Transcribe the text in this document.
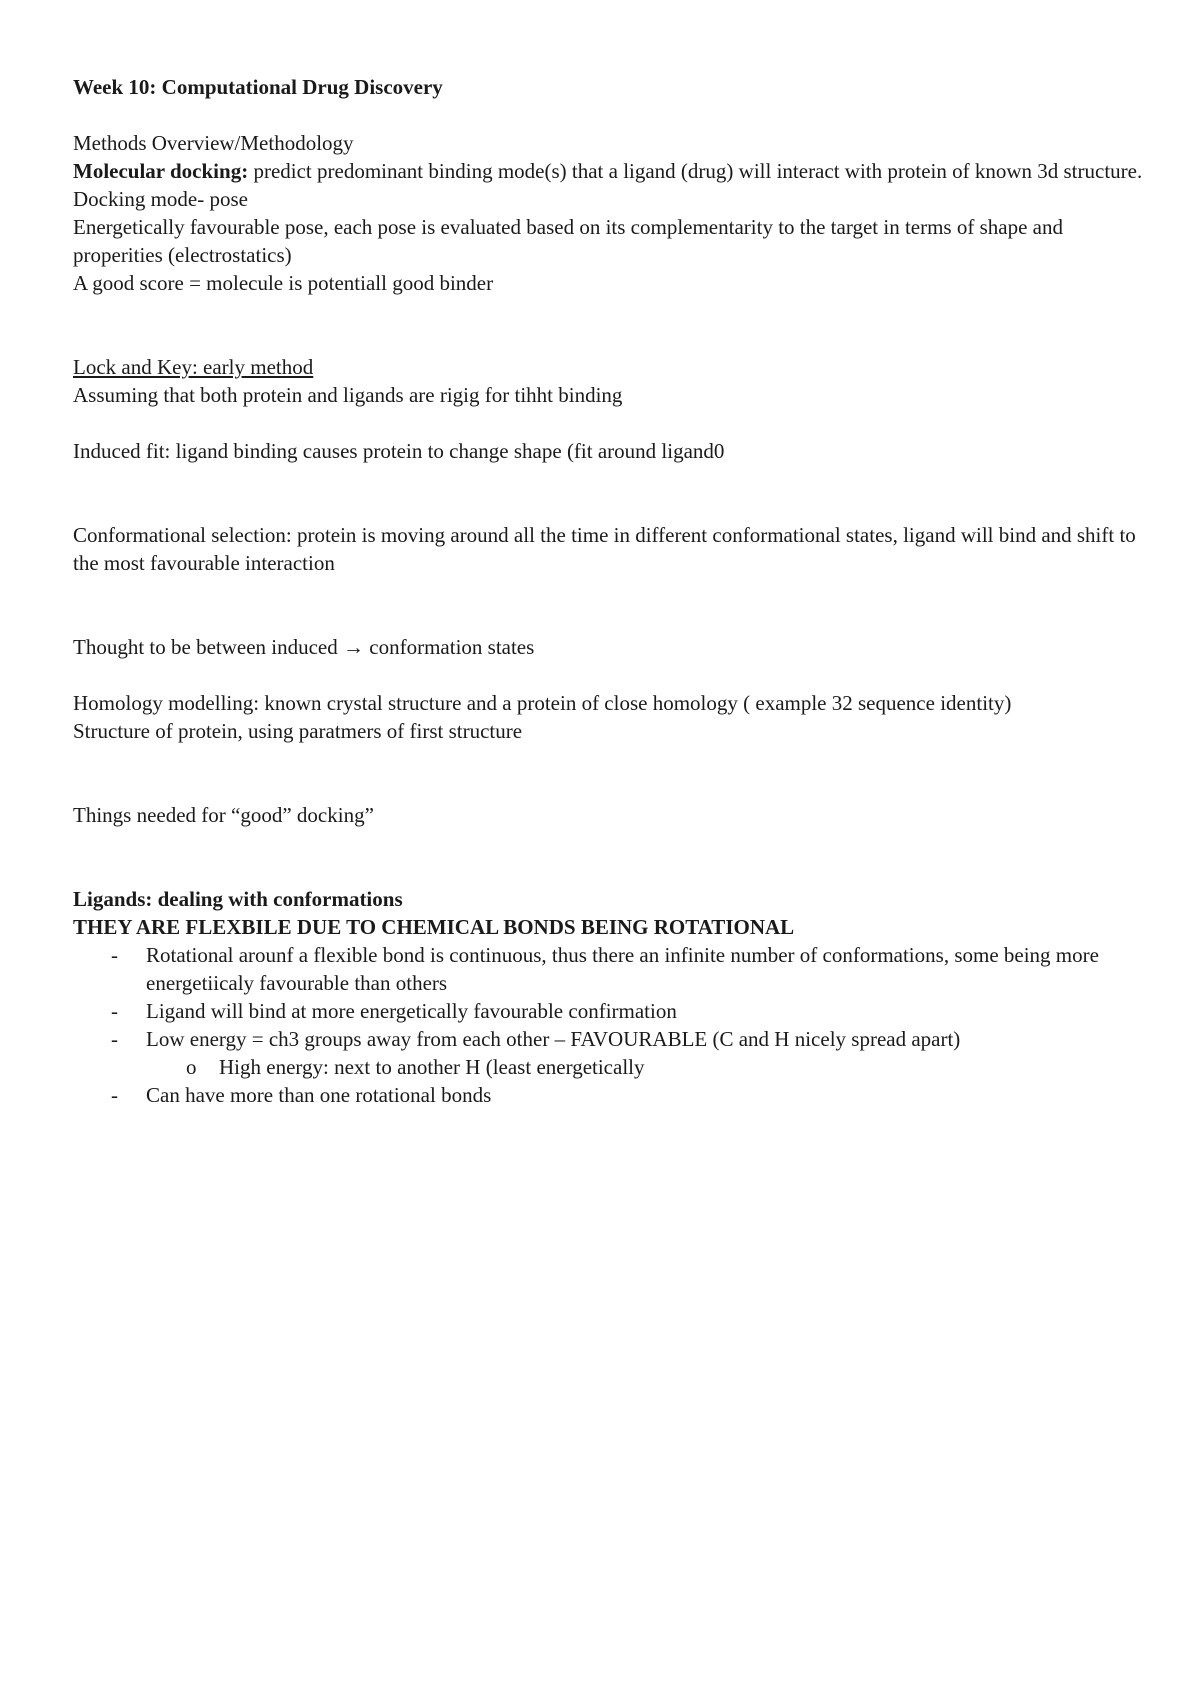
Week 10: Computational Drug Discovery

Methods Overview/Methodology

Molecular docking: predict predominant binding mode(s) that a ligand (drug) will interact with protein of known 3d structure.

Docking mode- pose

Energetically favourable pose, each pose is evaluated based on its complementarity to the target in terms of shape and properities (electrostatics)

A good score = molecule is potentiall good binder

Lock and Key: early method

Assuming that both protein and ligands are rigig for tihht binding

Induced fit: ligand binding causes protein to change shape (fit around ligand0

Conformational selection: protein is moving around all the time in different conformational states, ligand will bind and shift to the most favourable interaction

Thought to be between induced → conformation states

Homology modelling: known crystal structure and a protein of close homology ( example 32 sequence identity)

Structure of protein, using paratmers of first structure

Things needed for “good” docking”

Ligands: dealing with conformations

THEY ARE FLEXBILE DUE TO CHEMICAL BONDS BEING ROTATIONAL

- Rotational arounf a flexible bond is continuous, thus there an infinite number of conformations, some being more energetiicaly favourable than others
- Ligand will bind at more energetically favourable confirmation
- Low energy = ch3 groups away from each other – FAVOURABLE (C and H nicely spread apart)
o High energy: next to another H (least energetically
- Can have more than one rotational bonds
